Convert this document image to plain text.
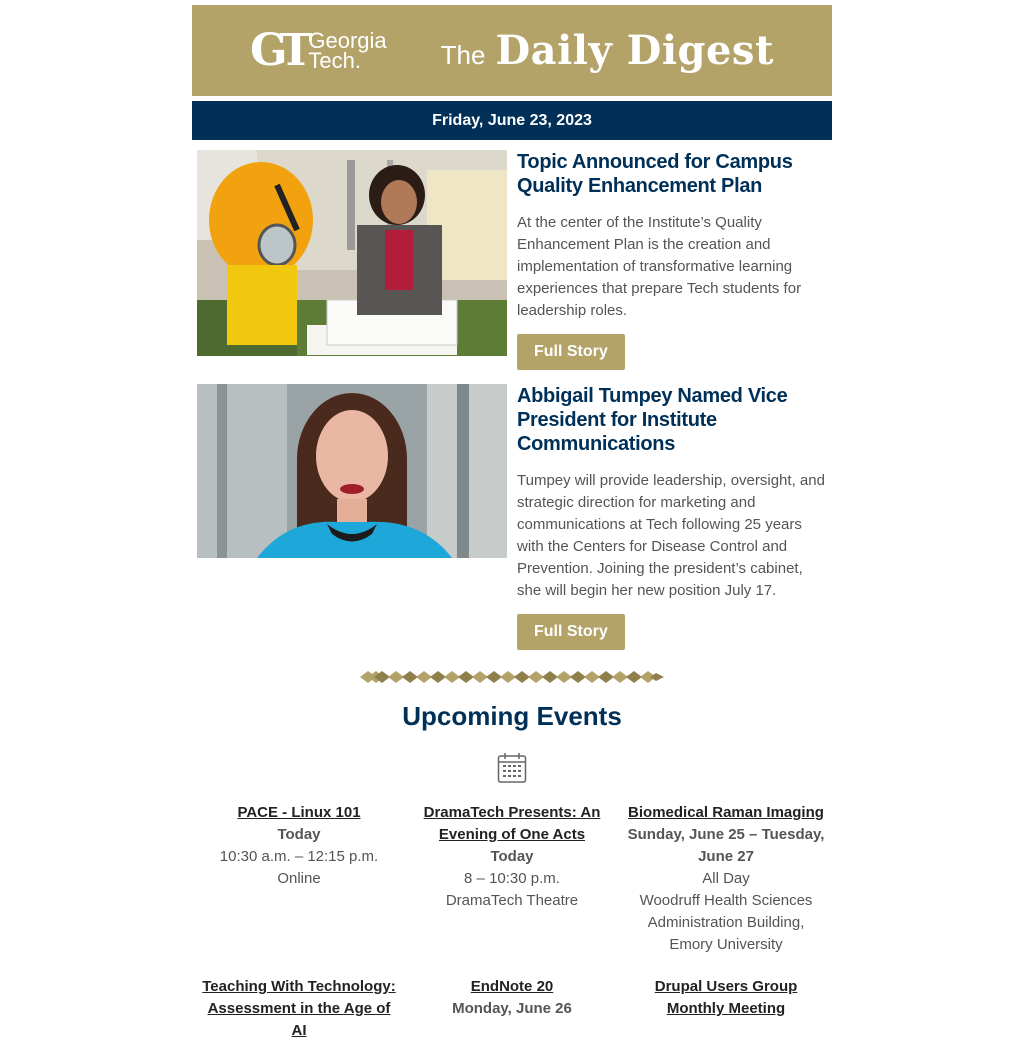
GT Georgia
Tech.	The Daily Digest
Friday, June 23, 2023
Topic Announced for Campus Quality Enhancement Plan

At the center of the Institute’s Quality Enhancement Plan is the creation and implementation of transformative learning experiences that prepare Tech students for leadership roles.

Full Story
Abbigail Tumpey Named Vice President for Institute Communications

Tumpey will provide leadership, oversight, and strategic direction for marketing and communications at Tech following 25 years with the Centers for Disease Control and Prevention. Joining the president’s cabinet, she will begin her new position July 17.

Full Story
Upcoming Events
PACE - Linux 101
Today
10:30 a.m. – 12:15 p.m.
Online
DramaTech Presents: An Evening of One Acts
Today
8 – 10:30 p.m.
DramaTech Theatre
Biomedical Raman Imaging
Sunday, June 25 – Tuesday, June 27
All Day
Woodruff Health Sciences Administration Building, Emory University
Teaching With Technology: Assessment in the Age of AI
EndNote 20
Monday, June 26
Drupal Users Group Monthly Meeting
